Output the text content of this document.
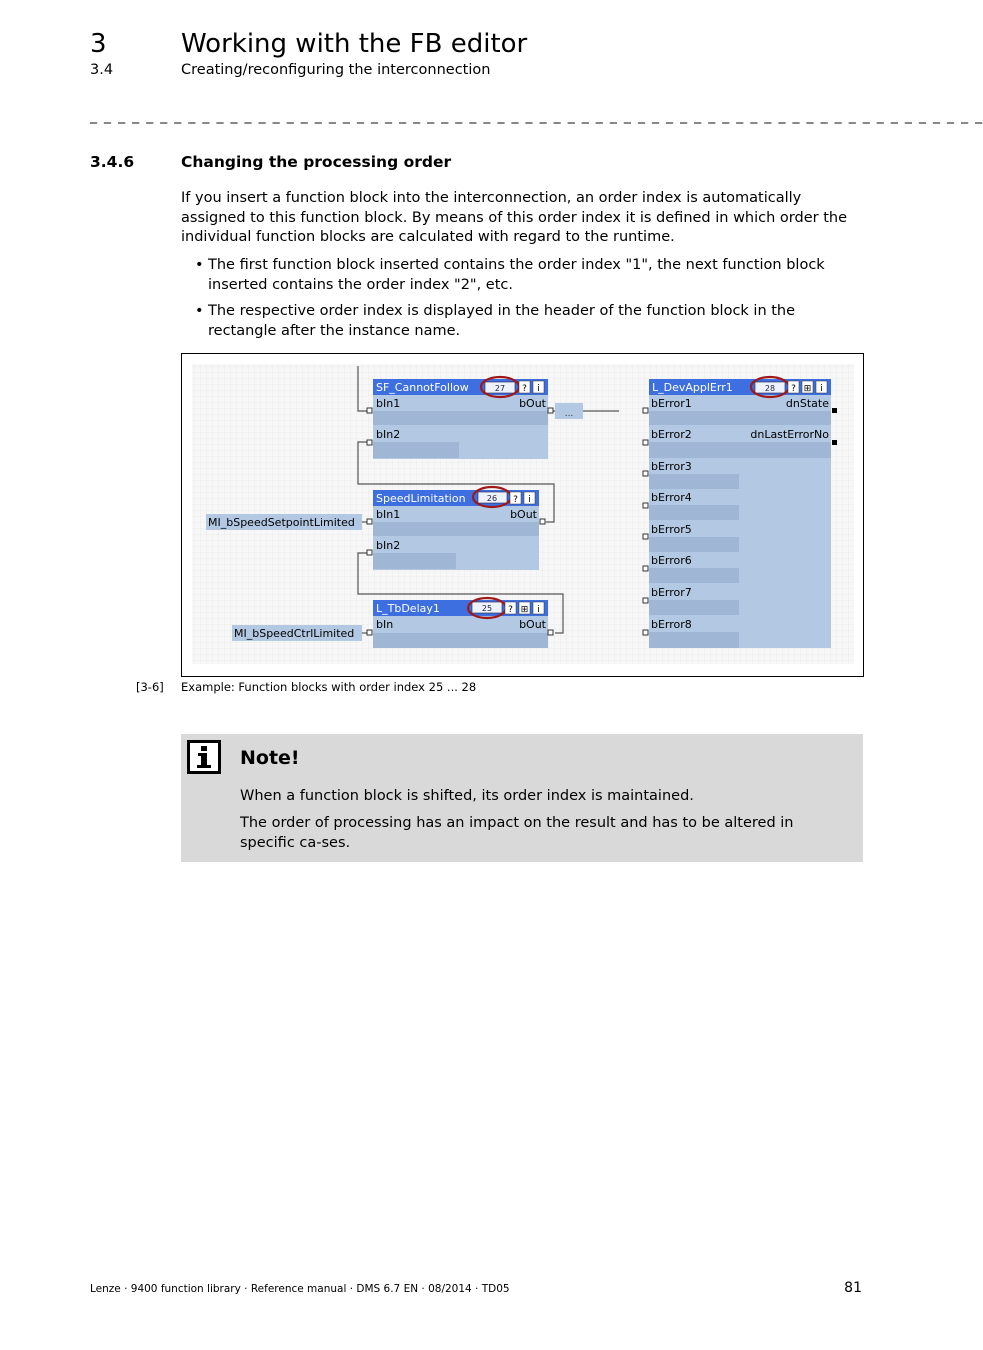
3	Working with the FB editor
3.4	Creating/reconfiguring the interconnection
_ _ _ _ _ _ _ _ _ _ _ _ _ _ _ _ _ _ _ _ _ _ _ _ _ _ _ _ _ _ _ _ _ _ _ _ _ _ _ _ _ _ _ _ _ _ _ _ _ _ _ _ _ _ _ _ _ _ _ _ _ _ _ _
3.4.6	Changing the processing order
If you insert a function block into the interconnection, an order index is automatically assigned to this function block. By means of this order index it is defined in which order the individual function blocks are calculated with regard to the runtime.
• The first function block inserted contains the order index "1", the next function block inserted contains the order index "2", etc.
• The respective order index is displayed in the header of the function block in the rectangle after the instance name.
...
MI_bSpeedSetpointLimited
MI_bSpeedCtrlLimited
SF_CannotFollow	27 ? i
bIn1	bOut
bIn2
SpeedLimitation	26 ? i
bIn1	bOut
bIn2
L_TbDelay1	25 ? ⊞ i
bIn	bOut
L_DevApplErr1	28 ? ⊞ i
bError1
bError2
bError3
bError4
bError5
bError6
bError7
bError8
dnState
dnLastErrorNo
[3-6] Example: Function blocks with order index 25 ... 28
Note!
When a function block is shifted, its order index is maintained.
The order of processing has an impact on the result and has to be altered in specific ca-ses.
Lenze · 9400 function library · Reference manual · DMS 6.7 EN · 08/2014 · TD05	81
